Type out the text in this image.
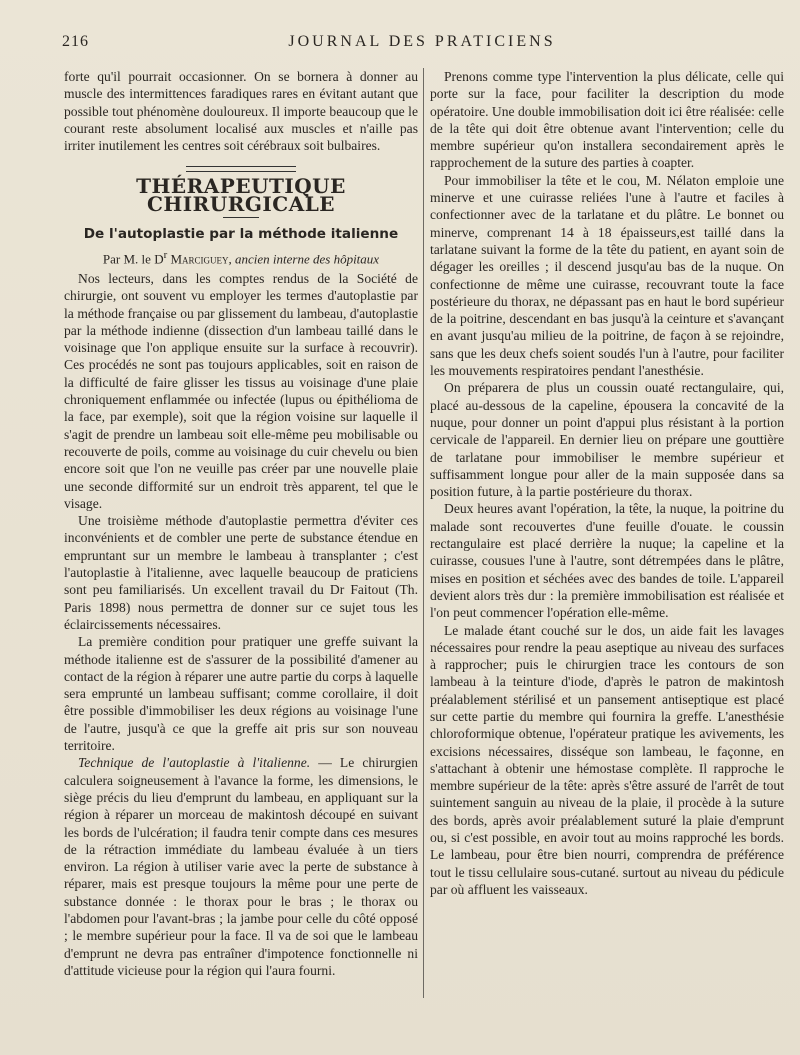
216	JOURNAL DES PRATICIENS

forte qu'il pourrait occasionner. On se bornera à donner au muscle des intermittences faradiques rares en évitant autant que possible tout phénomène douloureux. Il importe beaucoup que le courant reste absolument localisé aux muscles et n'aille pas irriter inutilement les centres soit cérébraux soit bulbaires.

THÉRAPEUTIQUE CHIRURGICALE
De l'autoplastie par la méthode italienne
Par M. le $D^r$ Marciguey, ancien interne des hôpitaux

Nos lecteurs, dans les comptes rendus de la Société de chirurgie, ont souvent vu employer les termes d'autoplastie par la méthode française ou par glissement du lambeau, d'autoplastie par la méthode indienne (dissection d'un lambeau taillé dans le voisinage que l'on applique ensuite sur la surface à recouvrir). Ces procédés ne sont pas toujours applicables, soit en raison de la difficulté de faire glisser les tissus au voisinage d'une plaie chroniquement enflammée ou infectée (lupus ou épithélioma de la face, par exemple), soit que la région voisine sur laquelle il s'agit de prendre un lambeau soit elle-même peu mobilisable ou recouverte de poils, comme au voisinage du cuir chevelu ou bien encore soit que l'on ne veuille pas créer par une nouvelle plaie une seconde difformité sur un endroit très apparent, tel que le visage.

Une troisième méthode d'autoplastie permettra d'éviter ces inconvénients et de combler une perte de substance étendue en empruntant sur un membre le lambeau à transplanter ; c'est l'autoplastie à l'italienne, avec laquelle beaucoup de praticiens sont peu familiarisés. Un excellent travail du Dr Faitout (Th. Paris 1898) nous permettra de donner sur ce sujet tous les éclaircissements nécessaires.

La première condition pour pratiquer une greffe suivant la méthode italienne est de s'assurer de la possibilité d'amener au contact de la région à réparer une autre partie du corps à laquelle sera emprunté un lambeau suffisant; comme corollaire, il doit être possible d'immobiliser les deux régions au voisinage l'une de l'autre, jusqu'à ce que la greffe ait pris sur son nouveau territoire.

Technique de l'autoplastie à l'italienne. — Le chirurgien calculera soigneusement à l'avance la forme, les dimensions, le siège précis du lieu d'emprunt du lambeau, en appliquant sur la région à réparer un morceau de makintosh découpé en suivant les bords de l'ulcération; il faudra tenir compte dans ces mesures de la rétraction immédiate du lambeau évaluée à un tiers environ. La région à utiliser varie avec la perte de substance à réparer, mais est presque toujours la même pour une perte de substance donnée : le thorax pour le bras ; le thorax ou l'abdomen pour l'avant-bras ; la jambe pour celle du côté opposé ; le membre supérieur pour la face. Il va de soi que le lambeau d'emprunt ne devra pas entraîner d'impotence fonctionnelle ni d'attitude vicieuse pour la région qui l'aura fourni.

Prenons comme type l'intervention la plus délicate, celle qui porte sur la face, pour faciliter la description du mode opératoire. Une double immobilisation doit ici être réalisée: celle de la tête qui doit être obtenue avant l'intervention; celle du membre supérieur qu'on installera secondairement après le rapprochement de la suture des parties à coapter.

Pour immobiliser la tête et le cou, M. Nélaton emploie une minerve et une cuirasse reliées l'une à l'autre et faciles à confectionner avec de la tarlatane et du plâtre. Le bonnet ou minerve, comprenant 14 à 18 épaisseurs,est taillé dans la tarlatane suivant la forme de la tête du patient, en ayant soin de dégager les oreilles ; il descend jusqu'au bas de la nuque. On confectionne de même une cuirasse, recouvrant toute la face postérieure du thorax, ne dépassant pas en haut le bord supérieur de la poitrine, descendant en bas jusqu'à la ceinture et s'avançant en avant jusqu'au milieu de la poitrine, de façon à se rejoindre, sans que les deux chefs soient soudés l'un à l'autre, pour faciliter les mouvements respiratoires pendant l'anesthésie.

On préparera de plus un coussin ouaté rectangulaire, qui, placé au-dessous de la capeline, épousera la concavité de la nuque, pour donner un point d'appui plus résistant à la portion cervicale de l'appareil. En dernier lieu on prépare une gouttière de tarlatane pour immobiliser le membre supérieur et suffisamment longue pour aller de la main supposée dans sa position future, à la partie postérieure du thorax.

Deux heures avant l'opération, la tête, la nuque, la poitrine du malade sont recouvertes d'une feuille d'ouate. le coussin rectangulaire est placé derrière la nuque; la capeline et la cuirasse, cousues l'une à l'autre, sont détrempées dans le plâtre, mises en position et séchées avec des bandes de toile. L'appareil devient alors très dur : la première immobilisation est réalisée et l'on peut commencer l'opération elle-même.

Le malade étant couché sur le dos, un aide fait les lavages nécessaires pour rendre la peau aseptique au niveau des surfaces à rapprocher; puis le chirurgien trace les contours de son lambeau à la teinture d'iode, d'après le patron de makintosh préalablement stérilisé et un pansement antiseptique est placé sur cette partie du membre qui fournira la greffe. L'anesthésie chloroformique obtenue, l'opérateur pratique les avivements, les excisions nécessaires, disséque son lambeau, le façonne, en s'attachant à obtenir une hémostase complète. Il rapproche le membre supérieur de la tête: après s'être assuré de l'arrêt de tout suintement sanguin au niveau de la plaie, il procède à la suture des bords, après avoir préalablement suturé la plaie d'emprunt ou, si c'est possible, en avoir tout au moins rapproché les bords. Le lambeau, pour être bien nourri, comprendra de préférence tout le tissu cellulaire sous-cutané. surtout au niveau du pédicule par où affluent les vaisseaux.
